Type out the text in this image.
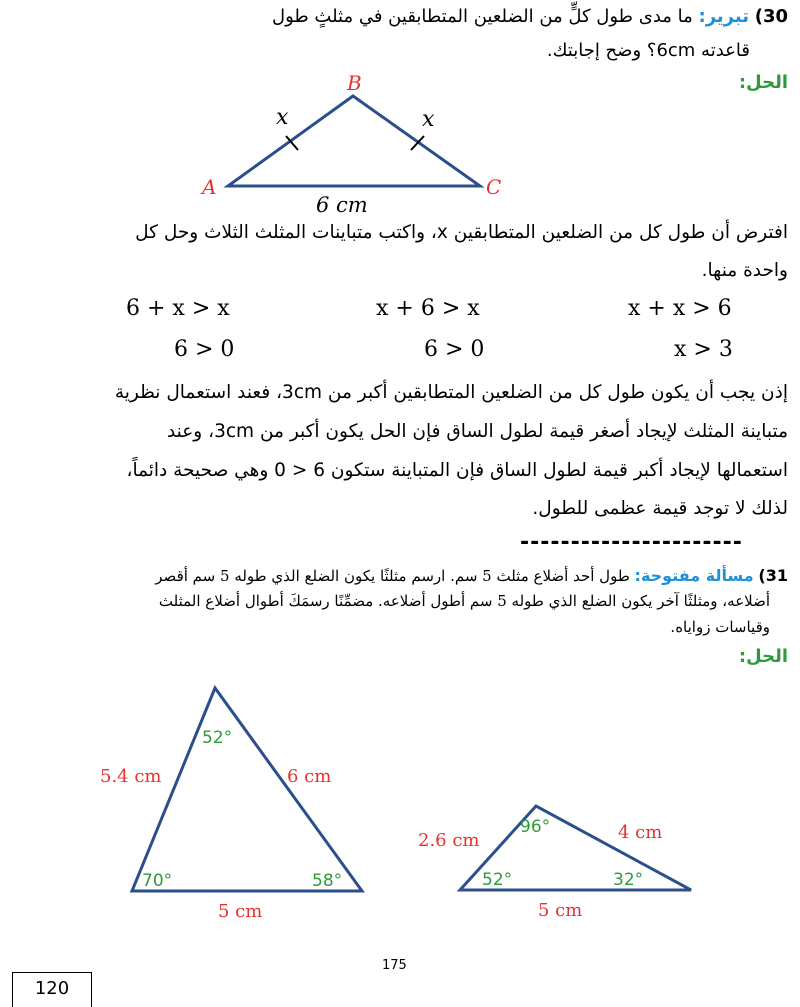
30) تبرير: ما مدى طول كلٍّ من الضلعين المتطابقين في مثلثٍ طول
قاعدته 6cm؟ وضح إجابتك.
الحل:
B
A	C
x	x
6 cm
افترض أن طول كل من الضلعين المتطابقين x، واكتب متباينات المثلث الثلاث وحل كل
واحدة منها.
6 + x > x	x + 6 > x	x + x > 6
6 > 0	6 > 0	x > 3
إذن يجب أن يكون طول كل من الضلعين المتطابقين أكبر من 3cm، فعند استعمال نظرية
متباينة المثلث لإيجاد أصغر قيمة لطول الساق فإن الحل يكون أكبر من 3cm، وعند
استعمالها لإيجاد أكبر قيمة لطول الساق فإن المتباينة ستكون 6 < 0 وهي صحيحة دائماً،
لذلك لا توجد قيمة عظمى للطول.
----------------------
31) مسألة مفتوحة: طول أحد أضلاع مثلث 5 سم. ارسم مثلثًا يكون الضلع الذي طوله 5 سم أقصر
أضلاعه، ومثلثًا آخر يكون الضلع الذي طوله 5 سم أطول أضلاعه. مضمِّنًا رسمَكَ أطوال أضلاع المثلث
وقياسات زواياه.
الحل:
52°
70°	58°
5.4 cm	6 cm
5 cm
96°
52°	32°
2.6 cm	4 cm
5 cm
175
120
